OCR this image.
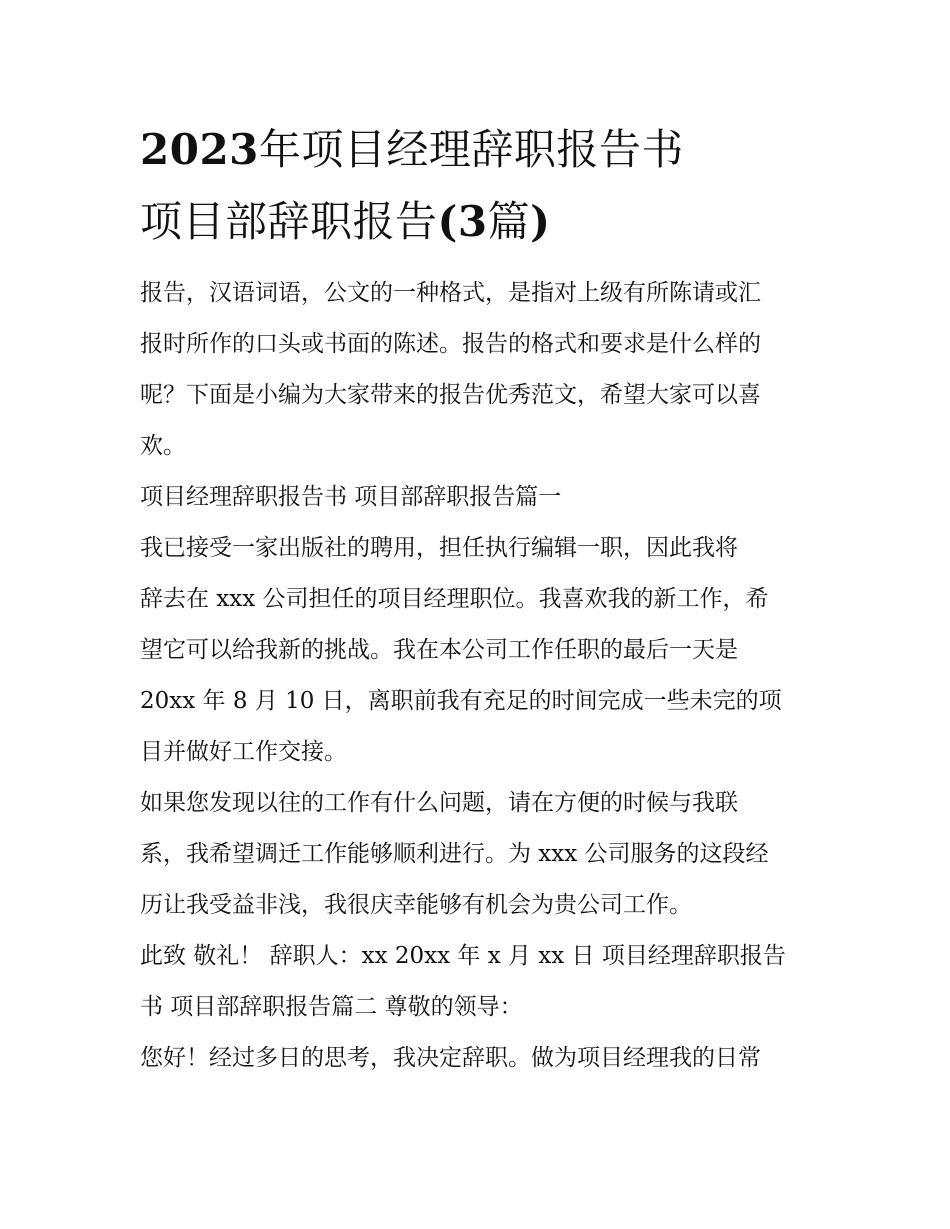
2023年项目经理辞职报告书
项目部辞职报告(3篇)
报告，汉语词语，公文的一种格式，是指对上级有所陈请或汇
报时所作的口头或书面的陈述。报告的格式和要求是什么样的
呢？下面是小编为大家带来的报告优秀范文，希望大家可以喜
欢。
项目经理辞职报告书 项目部辞职报告篇一
我已接受一家出版社的聘用，担任执行编辑一职，因此我将
辞去在 xxx 公司担任的项目经理职位。我喜欢我的新工作，希
望它可以给我新的挑战。我在本公司工作任职的最后一天是
20xx 年 8 月 10 日，离职前我有充足的时间完成一些未完的项
目并做好工作交接。
如果您发现以往的工作有什么问题，请在方便的时候与我联
系，我希望调迁工作能够顺利进行。为 xxx 公司服务的这段经
历让我受益非浅，我很庆幸能够有机会为贵公司工作。
此致 敬礼！ 辞职人：xx 20xx 年 x 月 xx 日 项目经理辞职报告
书 项目部辞职报告篇二 尊敬的领导：
您好！经过多日的思考，我决定辞职。做为项目经理我的日常
